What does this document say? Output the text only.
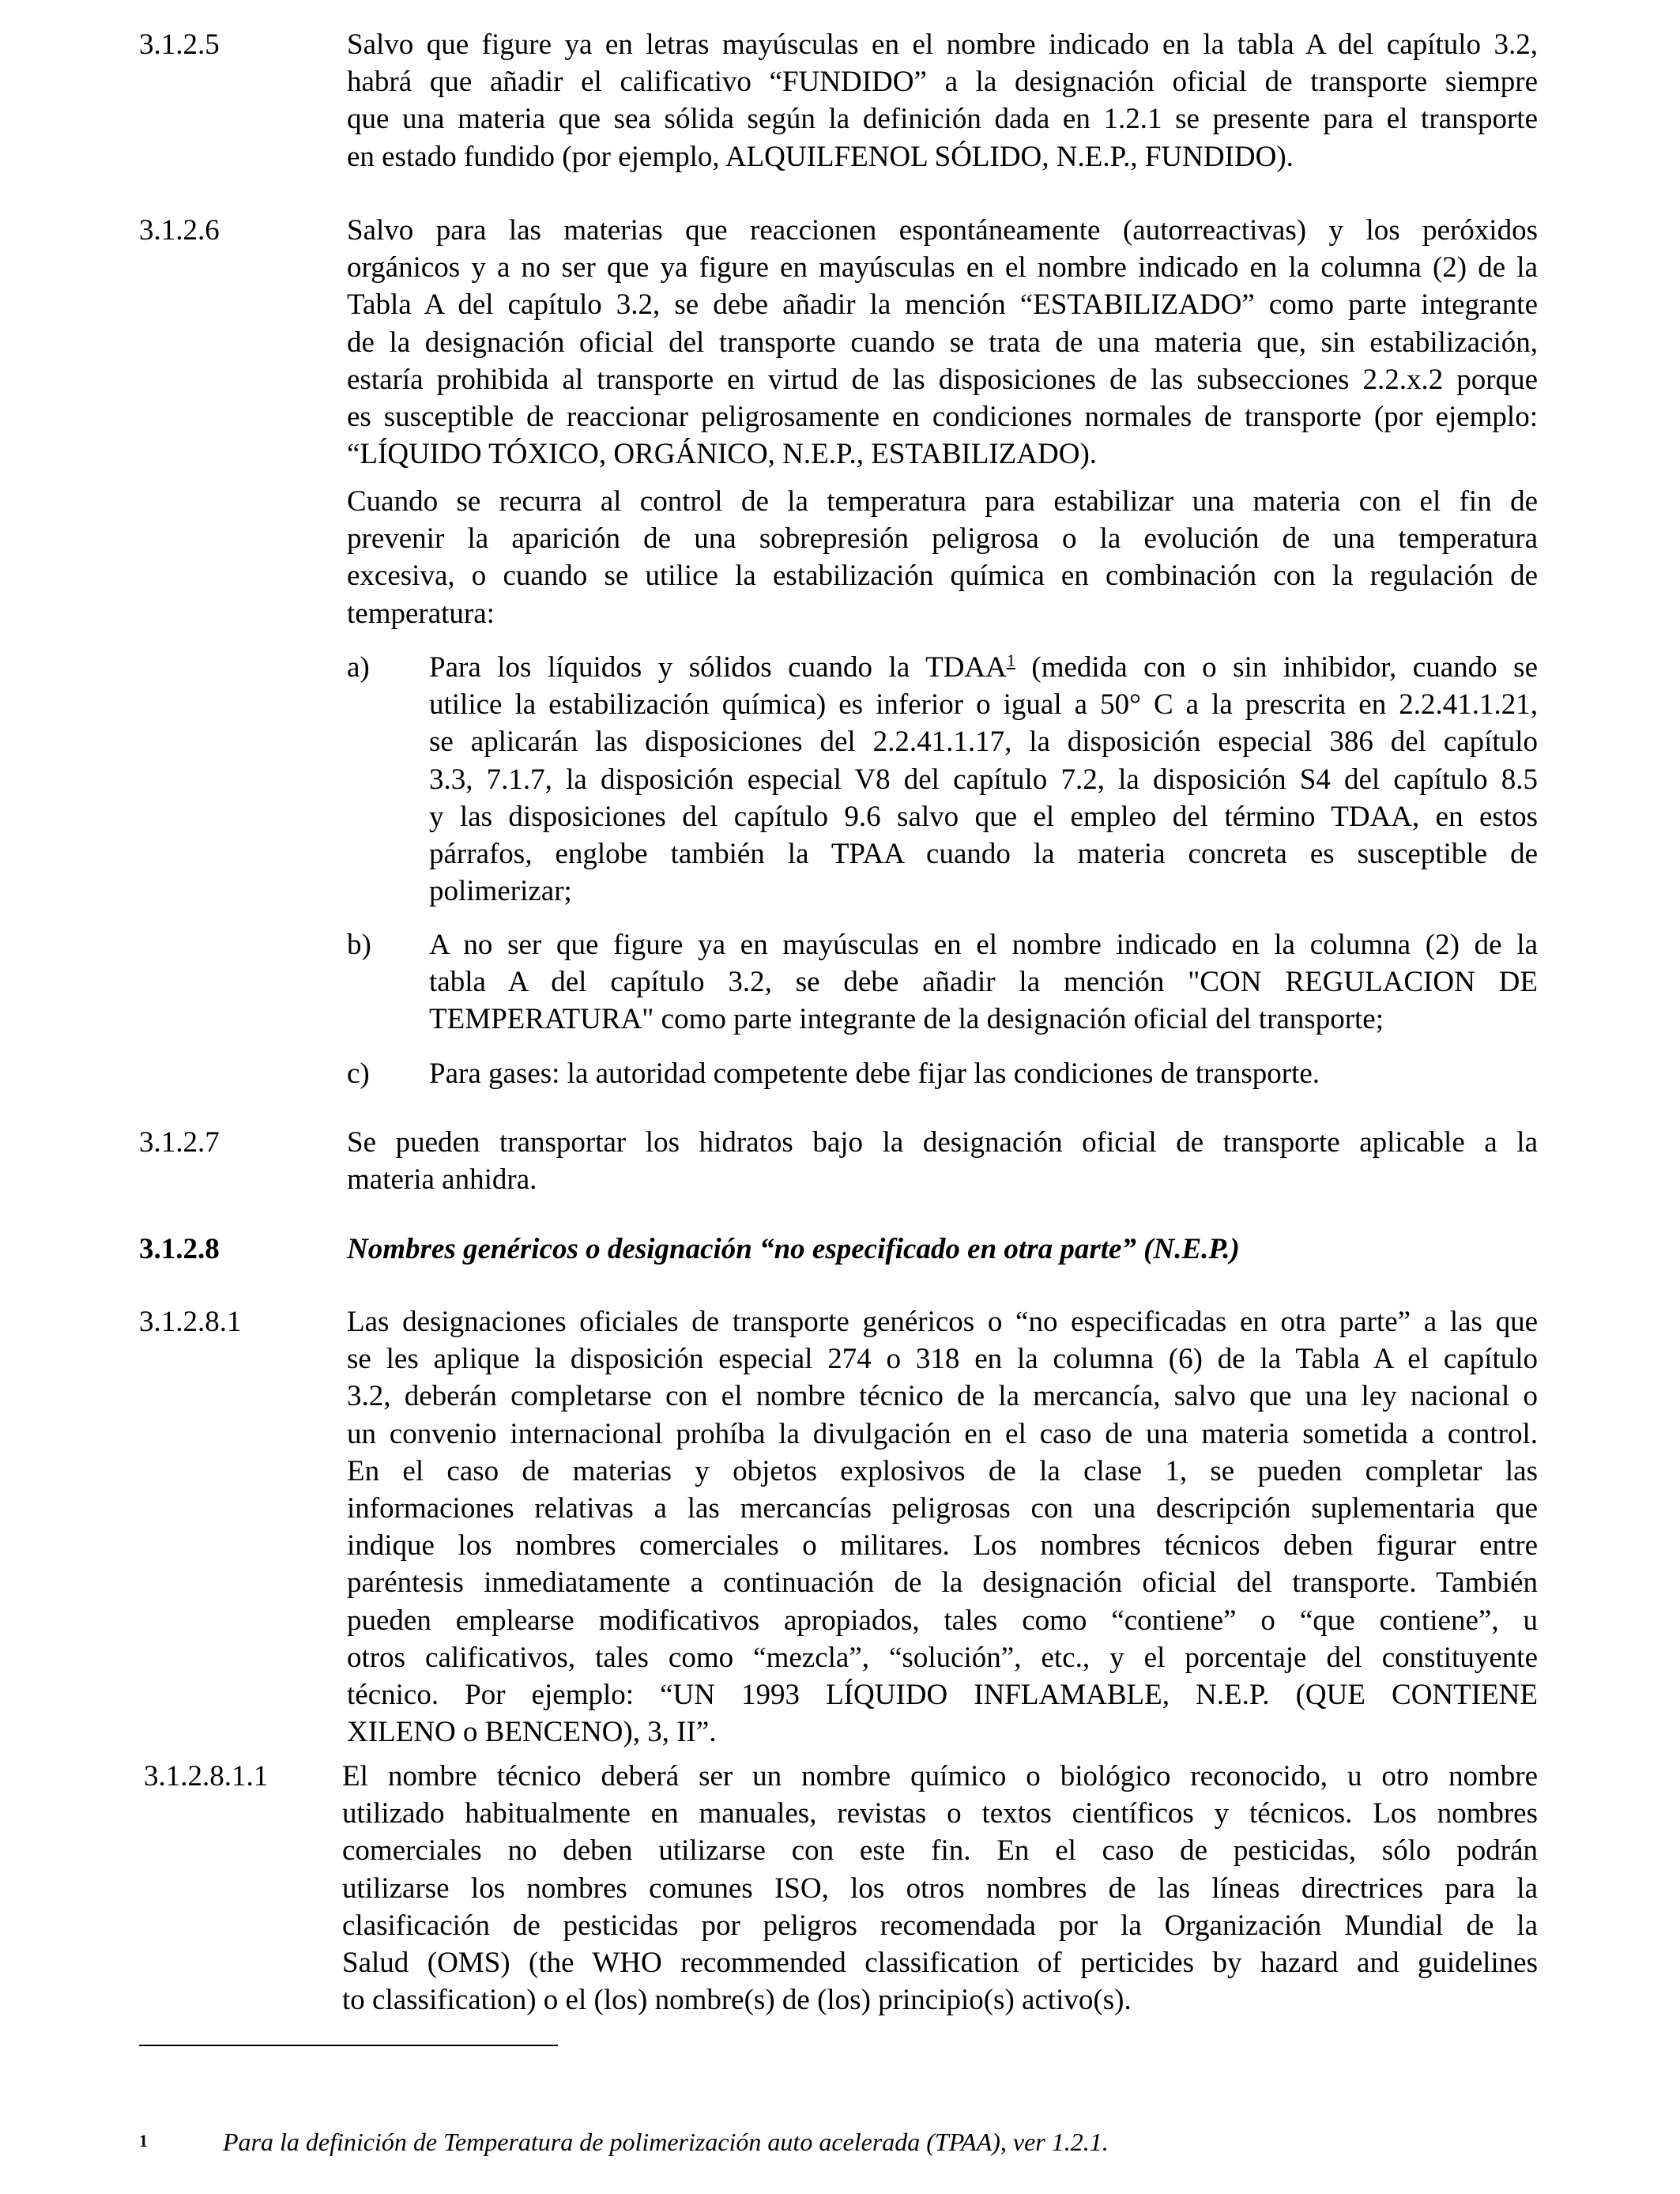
3.1.2.5	Salvo que figure ya en letras mayúsculas en el nombre indicado en la tabla A del capítulo 3.2,
habrá que añadir el calificativo “FUNDIDO” a la designación oficial de transporte siempre
que una materia que sea sólida según la definición dada en 1.2.1 se presente para el transporte
en estado fundido (por ejemplo, ALQUILFENOL SÓLIDO, N.E.P., FUNDIDO).
3.1.2.6	Salvo para las materias que reaccionen espontáneamente (autorreactivas) y los peróxidos
orgánicos y a no ser que ya figure en mayúsculas en el nombre indicado en la columna (2) de la
Tabla A del capítulo 3.2, se debe añadir la mención “ESTABILIZADO” como parte integrante
de la designación oficial del transporte cuando se trata de una materia que, sin estabilización,
estaría prohibida al transporte en virtud de las disposiciones de las subsecciones 2.2.x.2 porque
es susceptible de reaccionar peligrosamente en condiciones normales de transporte (por ejemplo:
“LÍQUIDO TÓXICO, ORGÁNICO, N.E.P., ESTABILIZADO).
Cuando se recurra al control de la temperatura para estabilizar una materia con el fin de
prevenir la aparición de una sobrepresión peligrosa o la evolución de una temperatura
excesiva, o cuando se utilice la estabilización química en combinación con la regulación de
temperatura:
a) Para los líquidos y sólidos cuando la TDAA$^1$ (medida con o sin inhibidor, cuando se
utilice la estabilización química) es inferior o igual a 50° C a la prescrita en 2.2.41.1.21,
se aplicarán las disposiciones del 2.2.41.1.17, la disposición especial 386 del capítulo
3.3, 7.1.7, la disposición especial V8 del capítulo 7.2, la disposición S4 del capítulo 8.5
y las disposiciones del capítulo 9.6 salvo que el empleo del término TDAA, en estos
párrafos, englobe también la TPAA cuando la materia concreta es susceptible de
polimerizar;
b) A no ser que figure ya en mayúsculas en el nombre indicado en la columna (2) de la
tabla A del capítulo 3.2, se debe añadir la mención "CON REGULACION DE
TEMPERATURA" como parte integrante de la designación oficial del transporte;
c) Para gases: la autoridad competente debe fijar las condiciones de transporte.
3.1.2.7	Se pueden transportar los hidratos bajo la designación oficial de transporte aplicable a la
materia anhidra.
3.1.2.8	Nombres genéricos o designación “no especificado en otra parte” (N.E.P.)
3.1.2.8.1	Las designaciones oficiales de transporte genéricos o “no especificadas en otra parte” a las que
se les aplique la disposición especial 274 o 318 en la columna (6) de la Tabla A el capítulo
3.2, deberán completarse con el nombre técnico de la mercancía, salvo que una ley nacional o
un convenio internacional prohíba la divulgación en el caso de una materia sometida a control.
En el caso de materias y objetos explosivos de la clase 1, se pueden completar las
informaciones relativas a las mercancías peligrosas con una descripción suplementaria que
indique los nombres comerciales o militares. Los nombres técnicos deben figurar entre
paréntesis inmediatamente a continuación de la designación oficial del transporte. También
pueden emplearse modificativos apropiados, tales como “contiene” o “que contiene”, u
otros calificativos, tales como “mezcla”, “solución”, etc., y el porcentaje del constituyente
técnico. Por ejemplo: “UN 1993 LÍQUIDO INFLAMABLE, N.E.P. (QUE CONTIENE
XILENO o BENCENO), 3, II”.
3.1.2.8.1.1	El nombre técnico deberá ser un nombre químico o biológico reconocido, u otro nombre
utilizado habitualmente en manuales, revistas o textos científicos y técnicos. Los nombres
comerciales no deben utilizarse con este fin. En el caso de pesticidas, sólo podrán
utilizarse los nombres comunes ISO, los otros nombres de las líneas directrices para la
clasificación de pesticidas por peligros recomendada por la Organización Mundial de la
Salud (OMS) (the WHO recommended classification of perticides by hazard and guidelines
to classification) o el (los) nombre(s) de (los) principio(s) activo(s).
1	Para la definición de Temperatura de polimerización auto acelerada (TPAA), ver 1.2.1.
